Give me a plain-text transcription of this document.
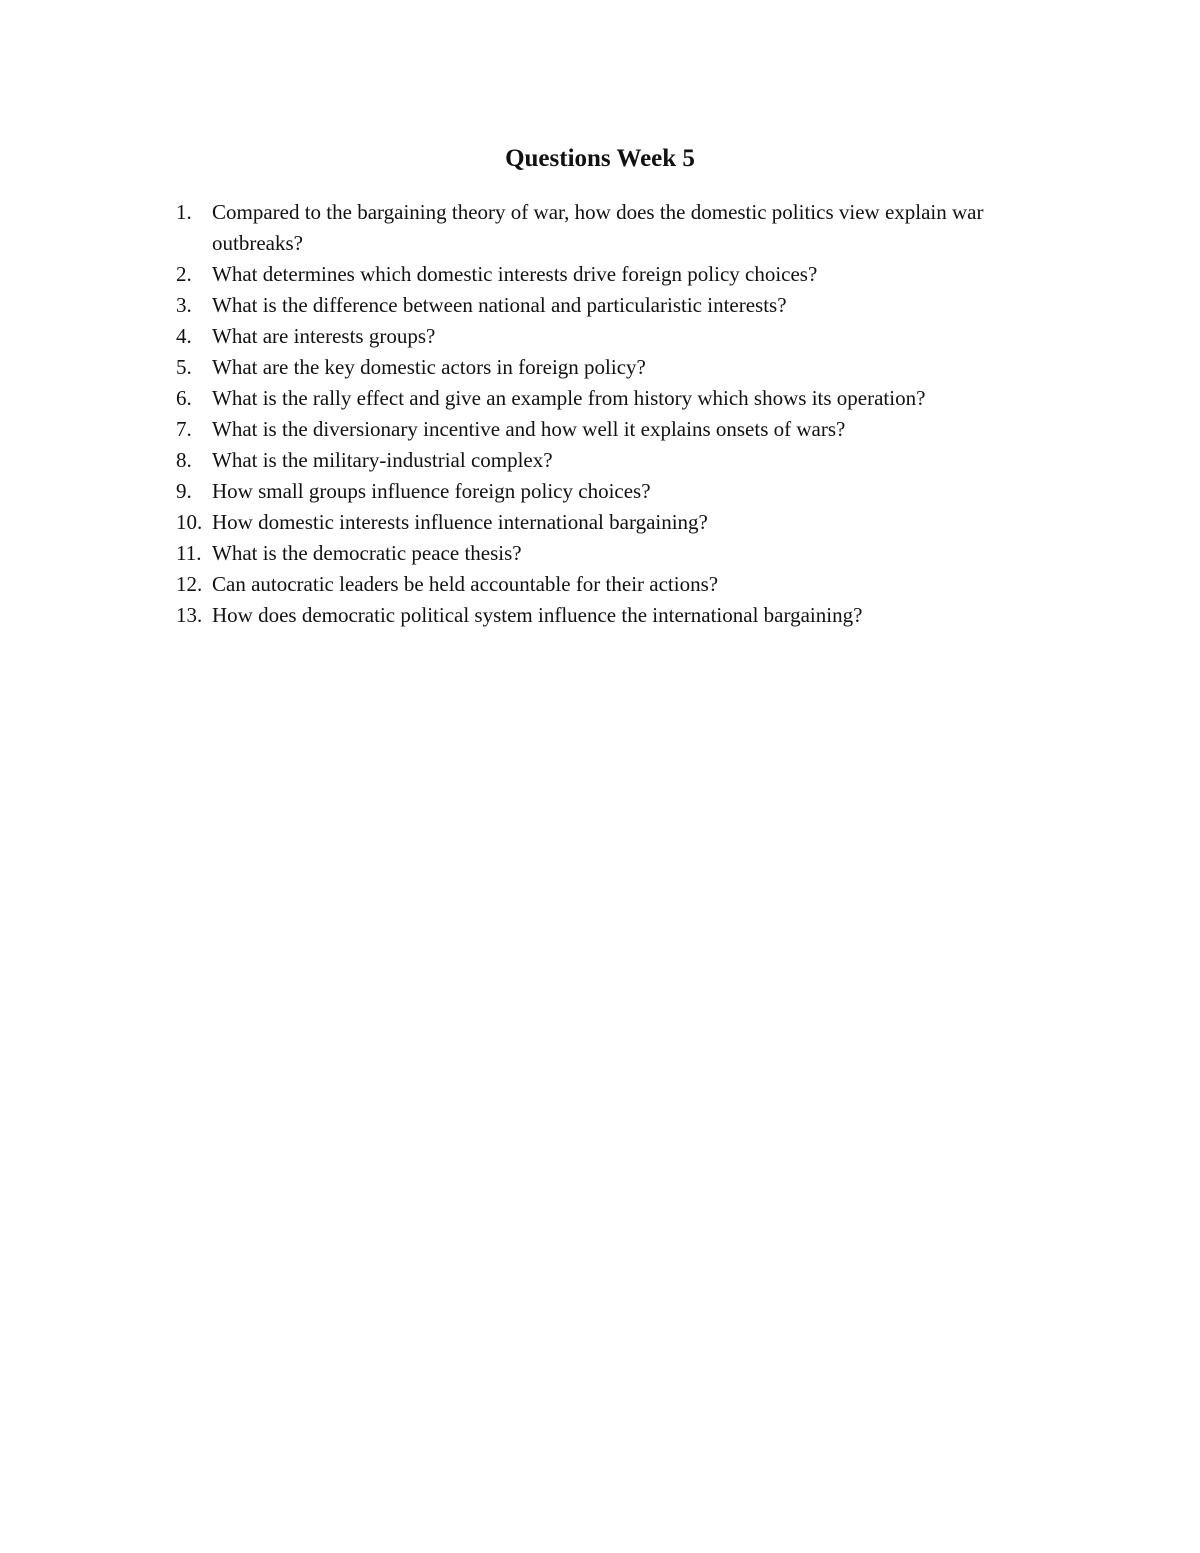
Questions Week 5
1. Compared to the bargaining theory of war, how does the domestic politics view explain war outbreaks?
2. What determines which domestic interests drive foreign policy choices?
3. What is the difference between national and particularistic interests?
4. What are interests groups?
5. What are the key domestic actors in foreign policy?
6. What is the rally effect and give an example from history which shows its operation?
7. What is the diversionary incentive and how well it explains onsets of wars?
8. What is the military-industrial complex?
9. How small groups influence foreign policy choices?
10. How domestic interests influence international bargaining?
11. What is the democratic peace thesis?
12. Can autocratic leaders be held accountable for their actions?
13. How does democratic political system influence the international bargaining?
